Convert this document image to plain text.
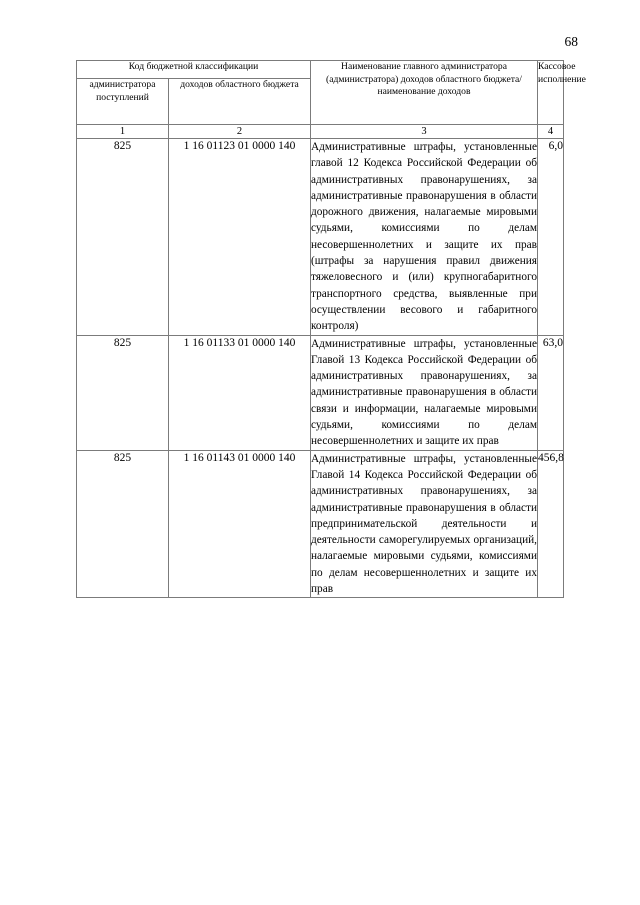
68
Код бюджетной классификации		Наименование главного администратора (администратора) доходов областного бюджета/ наименование доходов	Кассовое исполнение
администратора поступлений	доходов областного бюджета		
1	2	3	4
825	1 16 01123 01 0000 140	Административные штрафы, установленные главой 12 Кодекса Российской Федерации об административных правонарушениях, за административные правонарушения в области дорожного движения, налагаемые мировыми судьями, комиссиями по делам несовершеннолетних и защите их прав (штрафы за нарушения правил движения тяжеловесного и (или) крупногабаритного транспортного средства, выявленные при осуществлении весового и габаритного контроля)	6,0
825	1 16 01133 01 0000 140	Административные штрафы, установленные Главой 13 Кодекса Российской Федерации об административных правонарушениях, за административные правонарушения в области связи и информации, налагаемые мировыми судьями, комиссиями по делам несовершеннолетних и защите их прав	63,0
825	1 16 01143 01 0000 140	Административные штрафы, установленные Главой 14 Кодекса Российской Федерации об административных правонарушениях, за административные правонарушения в области предпринимательской деятельности и деятельности саморегулируемых организаций, налагаемые мировыми судьями, комиссиями по делам несовершеннолетних и защите их прав	456,8
